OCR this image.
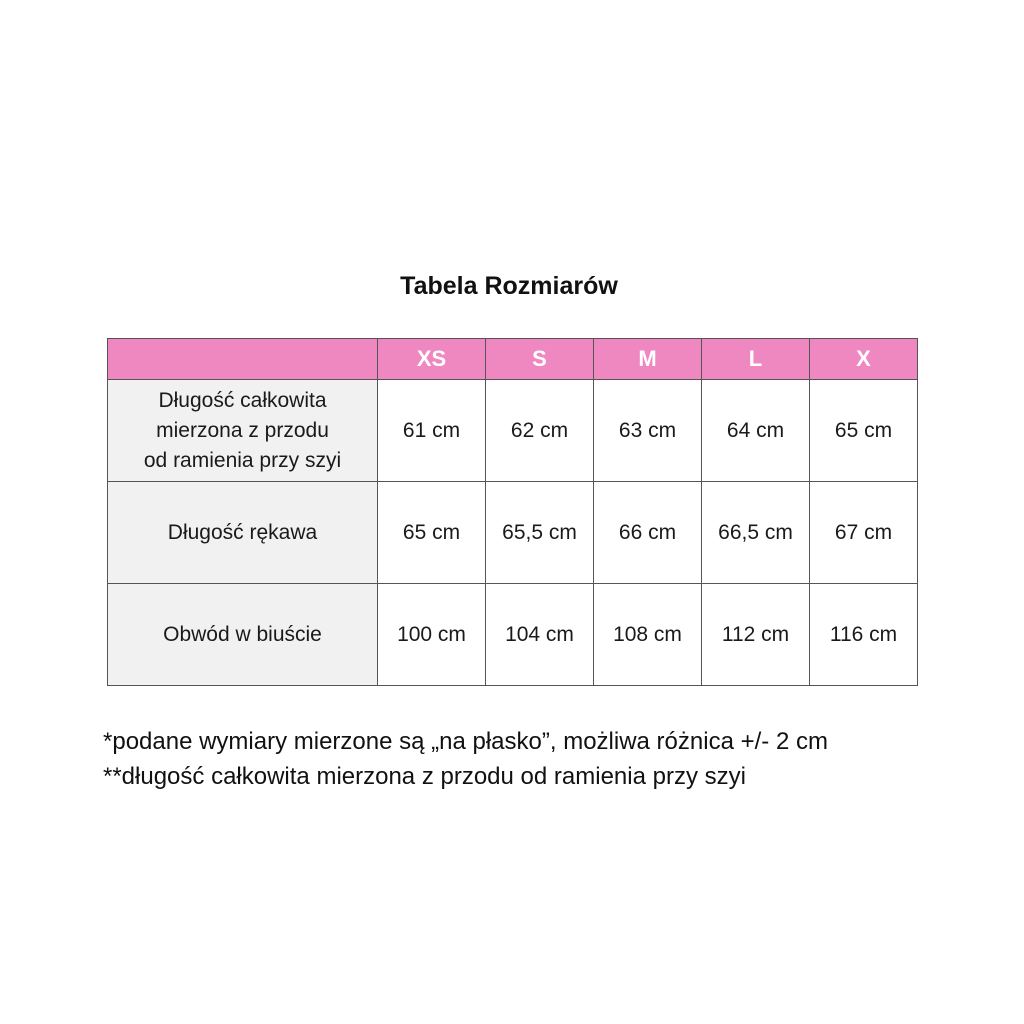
Tabela Rozmiarów
	XS	S	M	L	X

Długość całkowita
mierzona z przodu
od ramienia przy szyi	61 cm	62 cm	63 cm	64 cm	65 cm
Długość rękawa	65 cm	65,5 cm	66 cm	66,5 cm	67 cm
Obwód w biuście	100 cm	104 cm	108 cm	112 cm	116 cm
*podane wymiary mierzone są „na płasko”, możliwa różnica +/- 2 cm
**długość całkowita mierzona z przodu od ramienia przy szyi
